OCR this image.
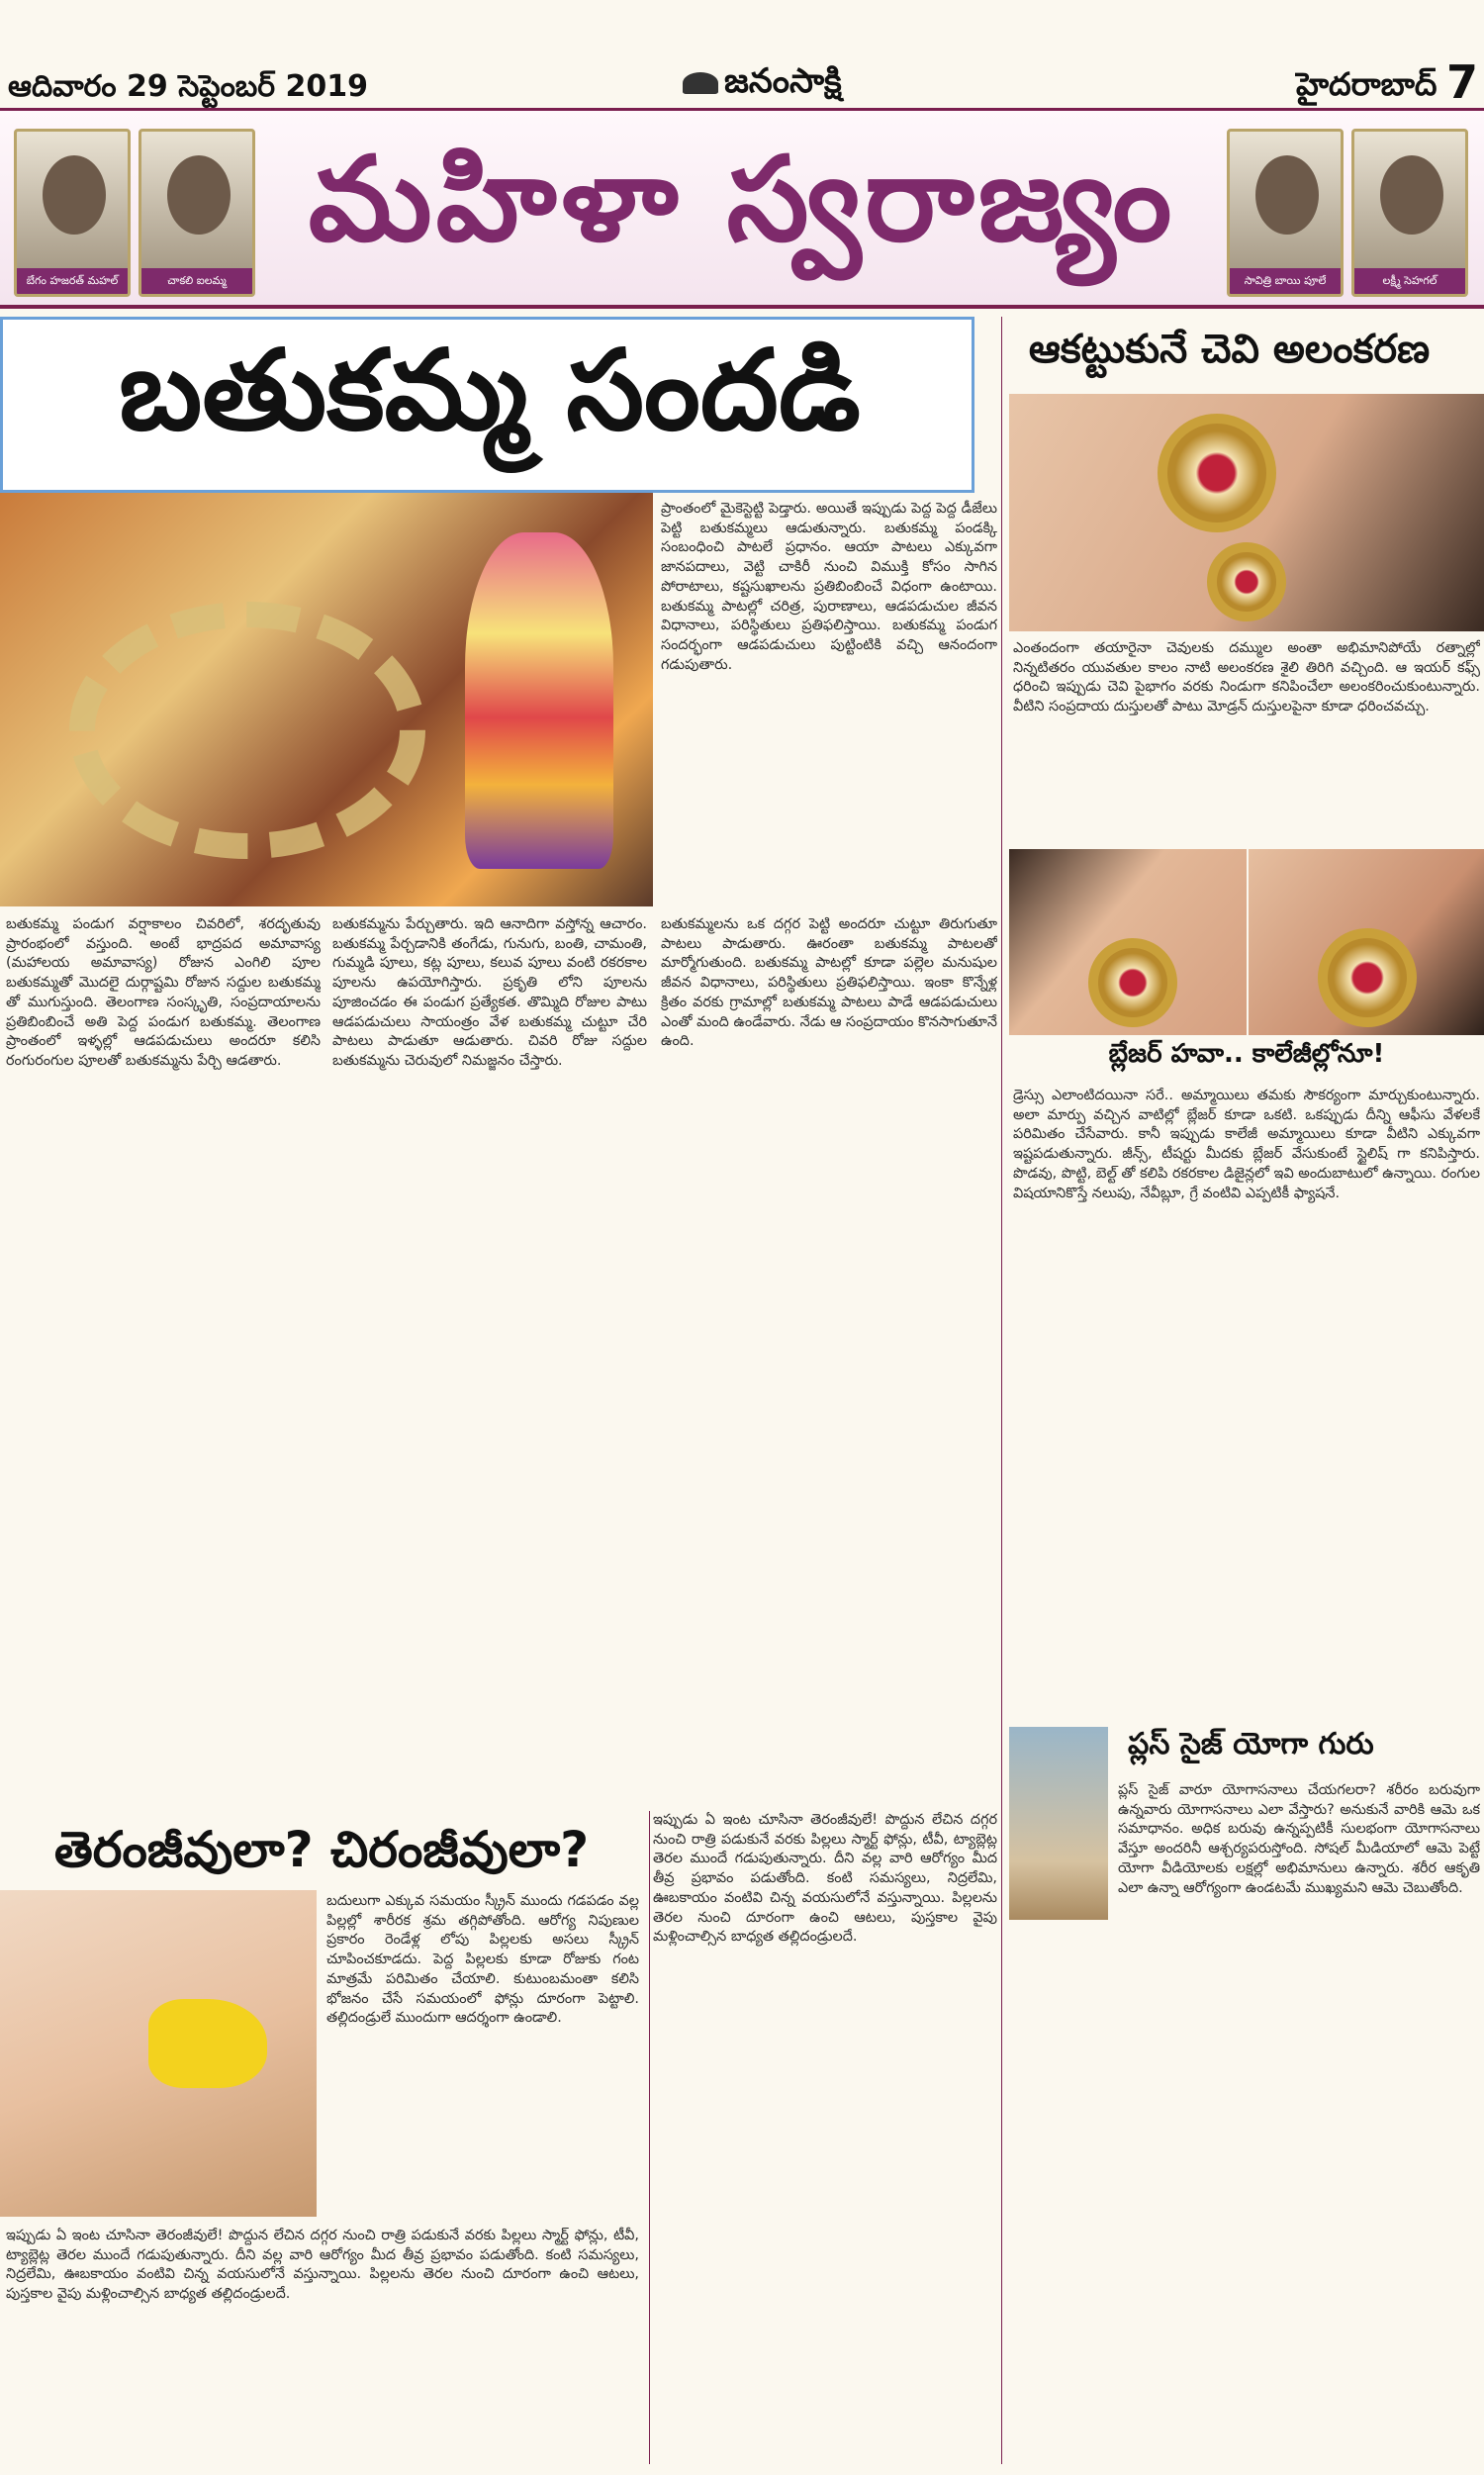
ఆదివారం 29 సెప్టెంబర్ 2019	జనంసాక్షి	హైదరాబాద్ 7
బేగం హజరత్ మహల్	చాకలి ఐలమ్మ
మహిళా స్వరాజ్యం
సావిత్రి బాయి పూలే	లక్ష్మీ సెహగల్
బతుకమ్మ సందడి
ప్రాంతంలో మైకెస్టెట్టి పెడ్తారు. అయితే ఇప్పుడు పెద్ద పెద్ద డీజేలు పెట్టి బతుకమ్మలు ఆడుతున్నారు. బతుకమ్మ పండక్కి సంబంధించి పాటలే ప్రధానం. ఆయా పాటలు ఎక్కువగా జానపదాలు, వెట్టి చాకిరీ నుంచి విముక్తి కోసం సాగిన పోరాటాలు, కష్టసుఖాలను ప్రతిబింబించే విధంగా ఉంటాయి. బతుకమ్మ పాటల్లో చరిత్ర, పురాణాలు, ఆడపడుచుల జీవన విధానాలు, పరిస్థితులు ప్రతిఫలిస్తాయి. బతుకమ్మ పండుగ సందర్భంగా ఆడపడుచులు పుట్టింటికి వచ్చి ఆనందంగా గడుపుతారు.
బతుకమ్మ పండుగ వర్షాకాలం చివరిలో, శరదృతువు ప్రారంభంలో వస్తుంది. అంటే భాద్రపద అమావాస్య (మహాలయ అమావాస్య) రోజున ఎంగిలి పూల బతుకమ్మతో మొదలై దుర్గాష్టమి రోజున సద్దుల బతుకమ్మ తో ముగుస్తుంది. తెలంగాణ సంస్కృతి, సంప్రదాయాలను ప్రతిబింబించే అతి పెద్ద పండుగ బతుకమ్మ. తెలంగాణ ప్రాంతంలో ఇళ్ళల్లో ఆడపడుచులు అందరూ కలిసి రంగురంగుల పూలతో బతుకమ్మను పేర్చి ఆడతారు.
బతుకమ్మను పేర్చుతారు. ఇది ఆనాదిగా వస్తోన్న ఆచారం. బతుకమ్మ పేర్చడానికి తంగేడు, గునుగు, బంతి, చామంతి, గుమ్మడి పూలు, కట్ల పూలు, కలువ పూలు వంటి రకరకాల పూలను ఉపయోగిస్తారు. ప్రకృతి లోని పూలను పూజించడం ఈ పండుగ ప్రత్యేకత. తొమ్మిది రోజుల పాటు ఆడపడుచులు సాయంత్రం వేళ బతుకమ్మ చుట్టూ చేరి పాటలు పాడుతూ ఆడుతారు. చివరి రోజు సద్దుల బతుకమ్మను చెరువులో నిమజ్జనం చేస్తారు.
బతుకమ్మలను ఒక దగ్గర పెట్టి అందరూ చుట్టూ తిరుగుతూ పాటలు పాడుతారు. ఊరంతా బతుకమ్మ పాటలతో మార్మోగుతుంది. బతుకమ్మ పాటల్లో కూడా పల్లెల మనుషుల జీవన విధానాలు, పరిస్థితులు ప్రతిఫలిస్తాయి. ఇంకా కొన్నేళ్ల క్రితం వరకు గ్రామాల్లో బతుకమ్మ పాటలు పాడే ఆడపడుచులు ఎంతో మంది ఉండేవారు. నేడు ఆ సంప్రదాయం కొనసాగుతూనే ఉంది.
ఆకట్టుకునే చెవి అలంకరణ
ఎంతందంగా తయారైనా చెవులకు దమ్ముల అంతా అభిమానిపోయే రత్నాల్లో నిన్నటితరం యువతుల కాలం నాటి అలంకరణ శైలి తిరిగి వచ్చింది. ఆ ఇయర్ కఫ్స్ ధరించి ఇప్పుడు చెవి పైభాగం వరకు నిండుగా కనిపించేలా అలంకరించుకుంటున్నారు. వీటిని సంప్రదాయ దుస్తులతో పాటు మోడ్రన్ దుస్తులపైనా కూడా ధరించవచ్చు.
బ్లేజర్ హవా.. కాలేజీల్లోనూ!
డ్రెస్సు ఎలాంటిదయినా సరే.. అమ్మాయిలు తమకు సౌకర్యంగా మార్చుకుంటున్నారు. అలా మార్పు వచ్చిన వాటిల్లో బ్లేజర్ కూడా ఒకటి. ఒకప్పుడు దీన్ని ఆఫీసు వేళలకే పరిమితం చేసేవారు. కానీ ఇప్పుడు కాలేజీ అమ్మాయిలు కూడా వీటిని ఎక్కువగా ఇష్టపడుతున్నారు. జీన్స్, టీషర్టు మీదకు బ్లేజర్ వేసుకుంటే స్టైలిష్ గా కనిపిస్తారు. పొడవు, పొట్టి, బెల్ట్ తో కలిపి రకరకాల డిజైన్లలో ఇవి అందుబాటులో ఉన్నాయి. రంగుల విషయానికొస్తే నలుపు, నేవీబ్లూ, గ్రే వంటివి ఎప్పటికీ ఫ్యాషనే.
ప్లస్ సైజ్ యోగా గురు
ప్లస్ సైజ్ వారూ యోగాసనాలు చేయగలరా? శరీరం బరువుగా ఉన్నవారు యోగాసనాలు ఎలా వేస్తారు? అనుకునే వారికి ఆమె ఒక సమాధానం. అధిక బరువు ఉన్నప్పటికీ సులభంగా యోగాసనాలు వేస్తూ అందరినీ ఆశ్చర్యపరుస్తోంది. సోషల్ మీడియాలో ఆమె పెట్టే యోగా వీడియోలకు లక్షల్లో అభిమానులు ఉన్నారు. శరీర ఆకృతి ఎలా ఉన్నా ఆరోగ్యంగా ఉండటమే ముఖ్యమని ఆమె చెబుతోంది.
తెరంజీవులా? చిరంజీవులా?
ఇప్పుడు ఏ ఇంట చూసినా తెరంజీవులే! పొద్దున లేచిన దగ్గర నుంచి రాత్రి పడుకునే వరకు పిల్లలు స్మార్ట్ ఫోన్లు, టీవీ, ట్యాబ్లెట్ల తెరల ముందే గడుపుతున్నారు. దీని వల్ల వారి ఆరోగ్యం మీద తీవ్ర ప్రభావం పడుతోంది. కంటి సమస్యలు, నిద్రలేమి, ఊబకాయం వంటివి చిన్న వయసులోనే వస్తున్నాయి. పిల్లలను తెరల నుంచి దూరంగా ఉంచి ఆటలు, పుస్తకాల వైపు మళ్లించాల్సిన బాధ్యత తల్లిదండ్రులదే.
బదులుగా ఎక్కువ సమయం స్క్రీన్ ముందు గడపడం వల్ల పిల్లల్లో శారీరక శ్రమ తగ్గిపోతోంది. ఆరోగ్య నిపుణుల ప్రకారం రెండేళ్ల లోపు పిల్లలకు అసలు స్క్రీన్ చూపించకూడదు. పెద్ద పిల్లలకు కూడా రోజుకు గంట మాత్రమే పరిమితం చేయాలి. కుటుంబమంతా కలిసి భోజనం చేసే సమయంలో ఫోన్లు దూరంగా పెట్టాలి. తల్లిదండ్రులే ముందుగా ఆదర్శంగా ఉండాలి.
ఇప్పుడు ఏ ఇంట చూసినా తెరంజీవులే! పొద్దున లేచిన దగ్గర నుంచి రాత్రి పడుకునే వరకు పిల్లలు స్మార్ట్ ఫోన్లు, టీవీ, ట్యాబ్లెట్ల తెరల ముందే గడుపుతున్నారు. దీని వల్ల వారి ఆరోగ్యం మీద తీవ్ర ప్రభావం పడుతోంది. కంటి సమస్యలు, నిద్రలేమి, ఊబకాయం వంటివి చిన్న వయసులోనే వస్తున్నాయి. పిల్లలను తెరల నుంచి దూరంగా ఉంచి ఆటలు, పుస్తకాల వైపు మళ్లించాల్సిన బాధ్యత తల్లిదండ్రులదే.
